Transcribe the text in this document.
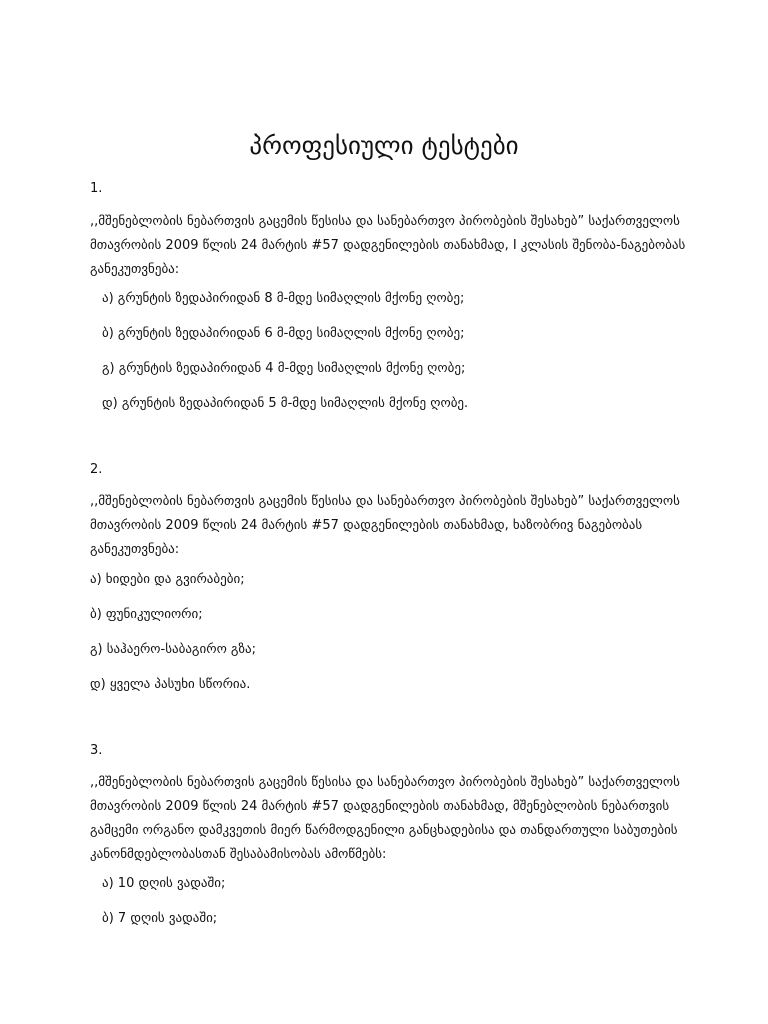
პროფესიული ტესტები
1.

,,მშენებლობის ნებართვის გაცემის წესისა და სანებართვო პირობების შესახებ” საქართველოს მთავრობის 2009 წლის 24 მარტის #57 დადგენილების თანახმად, I კლასის შენობა-ნაგებობას განეკუთვნება:

ა) გრუნტის ზედაპირიდან 8 მ-მდე სიმაღლის მქონე ღობე;
ბ) გრუნტის ზედაპირიდან 6 მ-მდე სიმაღლის მქონე ღობე;
გ) გრუნტის ზედაპირიდან 4 მ-მდე სიმაღლის მქონე ღობე;
დ) გრუნტის ზედაპირიდან 5 მ-მდე სიმაღლის მქონე ღობე.
2.

,,მშენებლობის ნებართვის გაცემის წესისა და სანებართვო პირობების შესახებ” საქართველოს მთავრობის 2009 წლის 24 მარტის #57 დადგენილების თანახმად, ხაზობრივ ნაგებობას განეკუთვნება:

ა) ხიდები და გვირაბები;
ბ) ფუნიკულიორი;
გ) საჰაერო-საბაგირო გზა;
დ) ყველა პასუხი სწორია.
3.

,,მშენებლობის ნებართვის გაცემის წესისა და სანებართვო პირობების შესახებ” საქართველოს მთავრობის 2009 წლის 24 მარტის #57 დადგენილების თანახმად, მშენებლობის ნებართვის გამცემი ორგანო დამკვეთის მიერ წარმოდგენილი განცხადებისა და თანდართული საბუთების კანონმდებლობასთან შესაბამისობას ამოწმებს:

ა) 10 დღის ვადაში;
ბ) 7 დღის ვადაში;
